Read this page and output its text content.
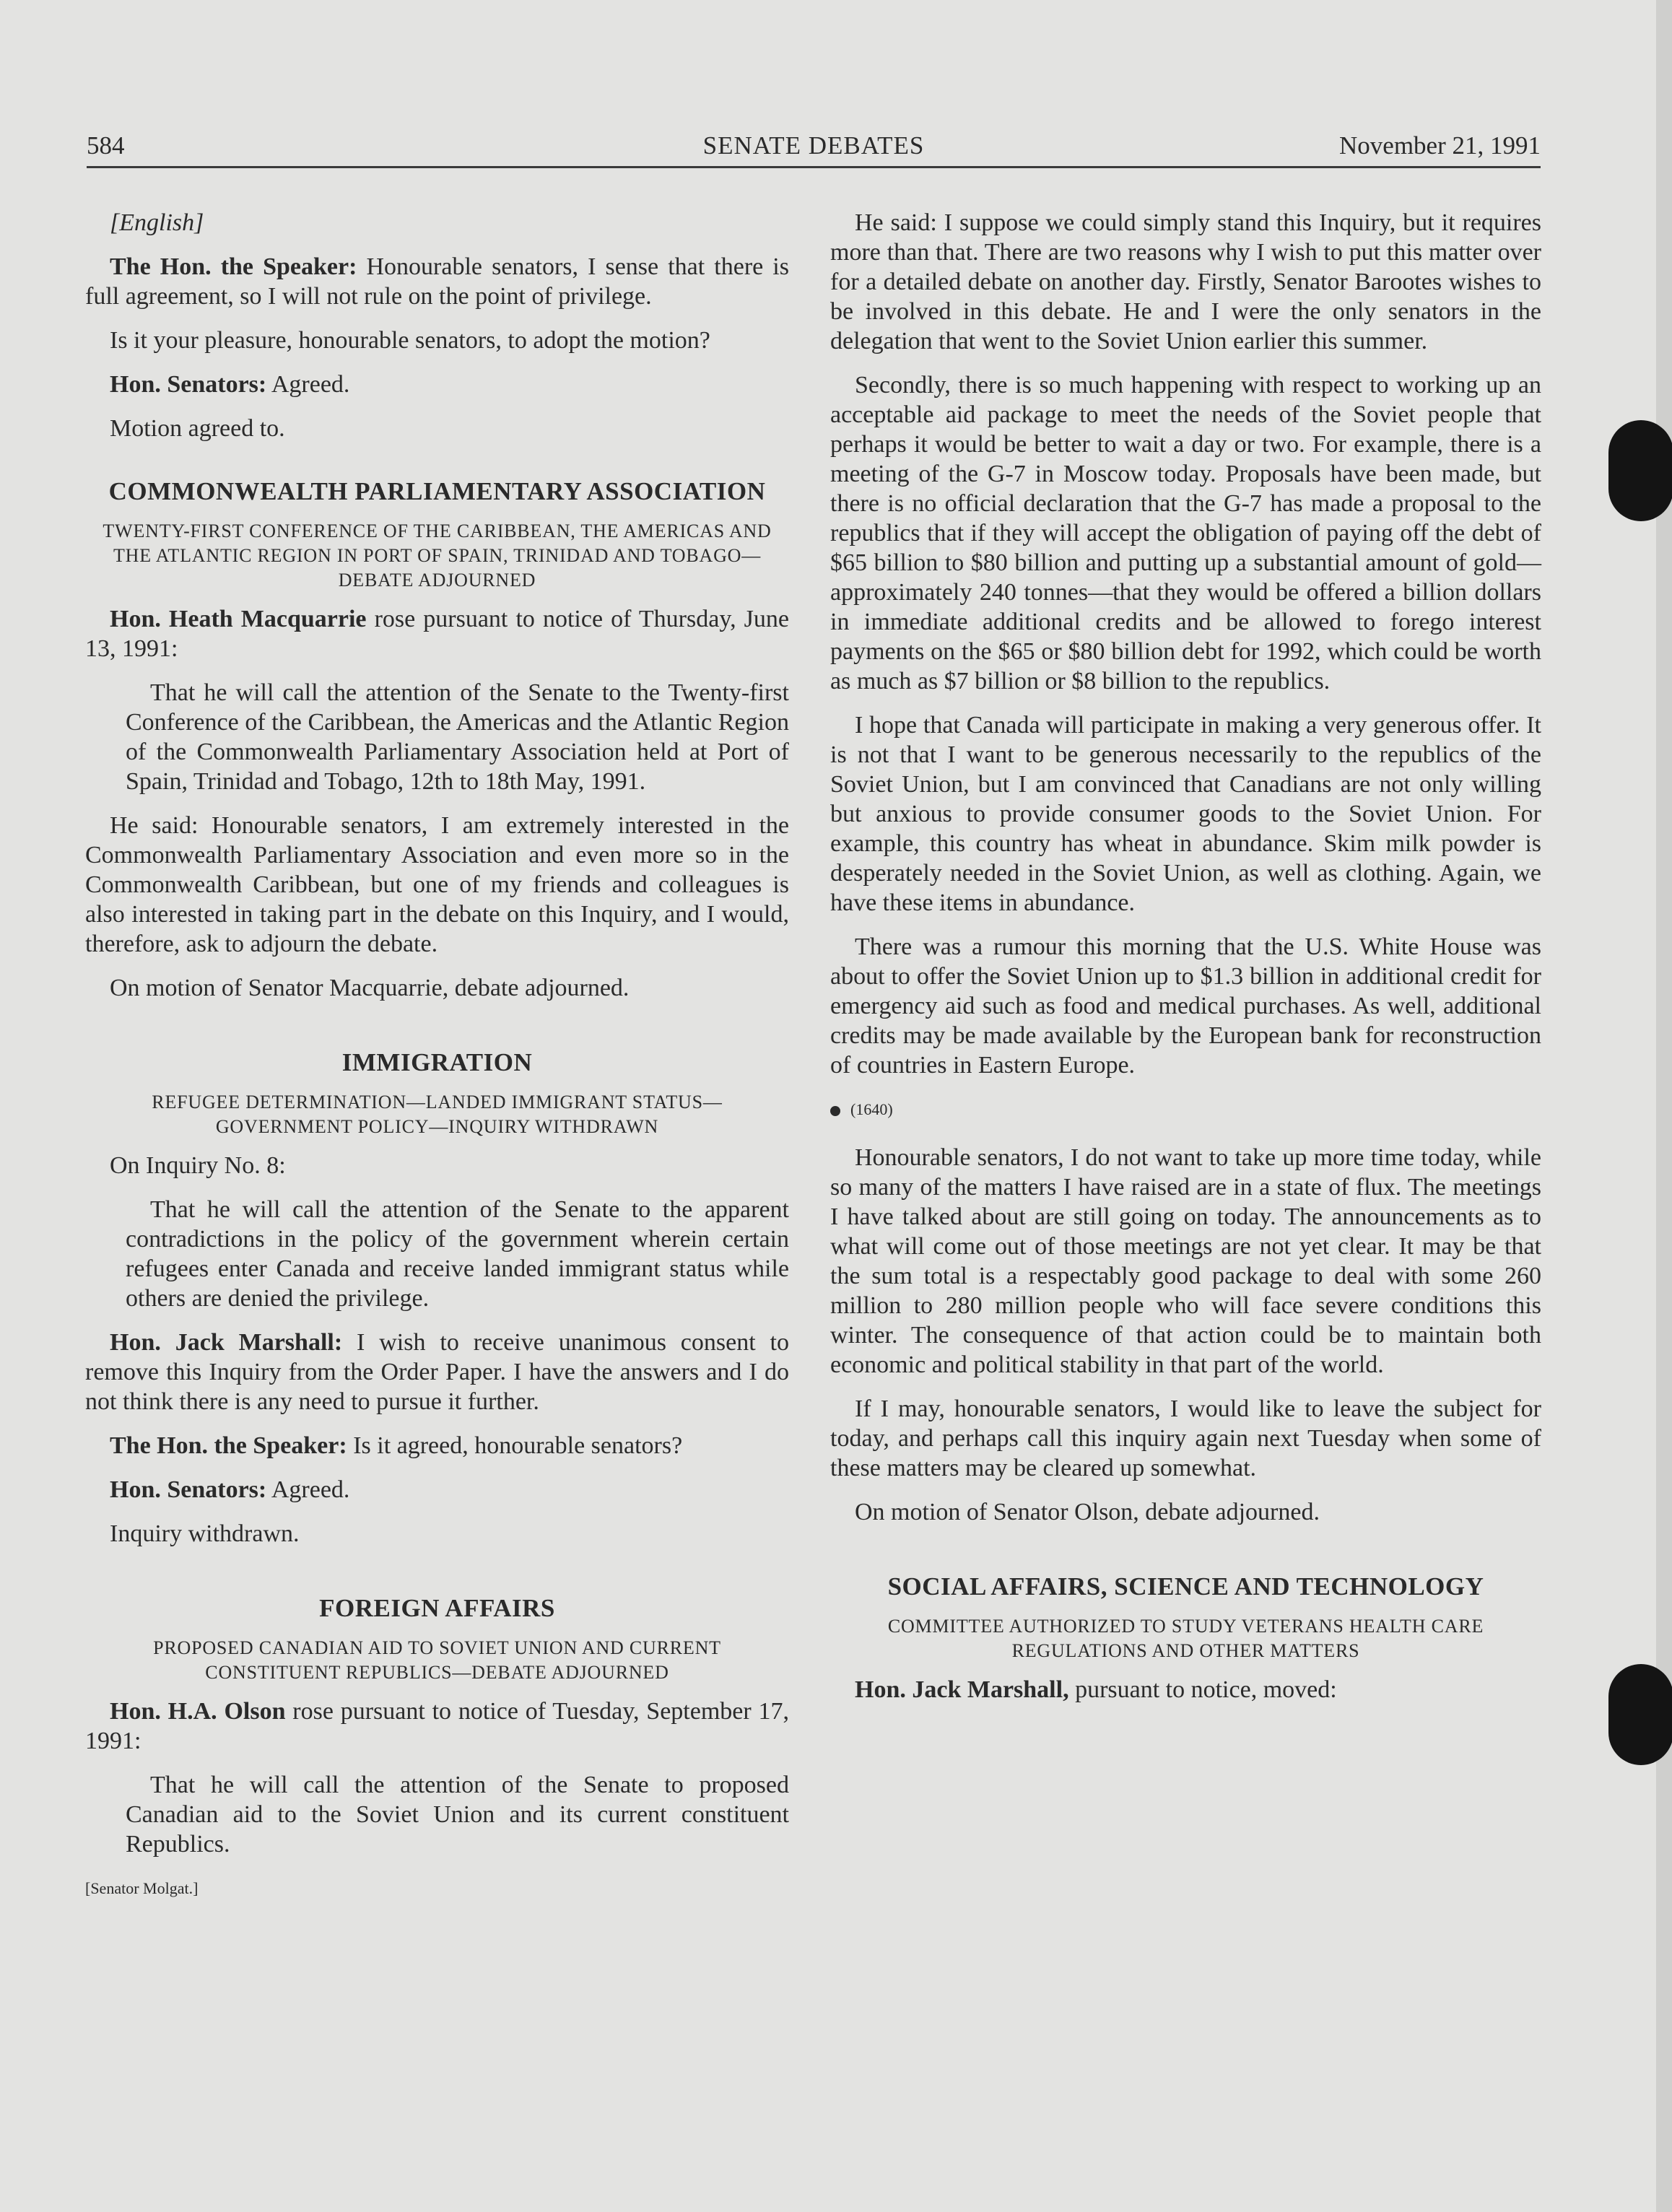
584	SENATE DEBATES	November 21, 1991

[English]

The Hon. the Speaker: Honourable senators, I sense that there is full agreement, so I will not rule on the point of privilege.

Is it your pleasure, honourable senators, to adopt the motion?

Hon. Senators: Agreed.

Motion agreed to.

COMMONWEALTH PARLIAMENTARY ASSOCIATION
TWENTY-FIRST CONFERENCE OF THE CARIBBEAN, THE AMERICAS AND THE ATLANTIC REGION IN PORT OF SPAIN, TRINIDAD AND TOBAGO—DEBATE ADJOURNED

Hon. Heath Macquarrie rose pursuant to notice of Thursday, June 13, 1991:

That he will call the attention of the Senate to the Twenty-first Conference of the Caribbean, the Americas and the Atlantic Region of the Commonwealth Parliamentary Association held at Port of Spain, Trinidad and Tobago, 12th to 18th May, 1991.

He said: Honourable senators, I am extremely interested in the Commonwealth Parliamentary Association and even more so in the Commonwealth Caribbean, but one of my friends and colleagues is also interested in taking part in the debate on this Inquiry, and I would, therefore, ask to adjourn the debate.

On motion of Senator Macquarrie, debate adjourned.

IMMIGRATION
REFUGEE DETERMINATION—LANDED IMMIGRANT STATUS—GOVERNMENT POLICY—INQUIRY WITHDRAWN

On Inquiry No. 8:

That he will call the attention of the Senate to the apparent contradictions in the policy of the government wherein certain refugees enter Canada and receive landed immigrant status while others are denied the privilege.

Hon. Jack Marshall: I wish to receive unanimous consent to remove this Inquiry from the Order Paper. I have the answers and I do not think there is any need to pursue it further.

The Hon. the Speaker: Is it agreed, honourable senators?

Hon. Senators: Agreed.

Inquiry withdrawn.

FOREIGN AFFAIRS
PROPOSED CANADIAN AID TO SOVIET UNION AND CURRENT CONSTITUENT REPUBLICS—DEBATE ADJOURNED

Hon. H.A. Olson rose pursuant to notice of Tuesday, September 17, 1991:

That he will call the attention of the Senate to proposed Canadian aid to the Soviet Union and its current constituent Republics.

[Senator Molgat.]

He said: I suppose we could simply stand this Inquiry, but it requires more than that. There are two reasons why I wish to put this matter over for a detailed debate on another day. Firstly, Senator Barootes wishes to be involved in this debate. He and I were the only senators in the delegation that went to the Soviet Union earlier this summer.

Secondly, there is so much happening with respect to working up an acceptable aid package to meet the needs of the Soviet people that perhaps it would be better to wait a day or two. For example, there is a meeting of the G-7 in Moscow today. Proposals have been made, but there is no official declaration that the G-7 has made a proposal to the republics that if they will accept the obligation of paying off the debt of $65 billion to $80 billion and putting up a substantial amount of gold—approximately 240 tonnes—that they would be offered a billion dollars in immediate additional credits and be allowed to forego interest payments on the $65 or $80 billion debt for 1992, which could be worth as much as $7 billion or $8 billion to the republics.

I hope that Canada will participate in making a very generous offer. It is not that I want to be generous necessarily to the republics of the Soviet Union, but I am convinced that Canadians are not only willing but anxious to provide consumer goods to the Soviet Union. For example, this country has wheat in abundance. Skim milk powder is desperately needed in the Soviet Union, as well as clothing. Again, we have these items in abundance.

There was a rumour this morning that the U.S. White House was about to offer the Soviet Union up to $1.3 billion in additional credit for emergency aid such as food and medical purchases. As well, additional credits may be made available by the European bank for reconstruction of countries in Eastern Europe.

(1640)

Honourable senators, I do not want to take up more time today, while so many of the matters I have raised are in a state of flux. The meetings I have talked about are still going on today. The announcements as to what will come out of those meetings are not yet clear. It may be that the sum total is a respectably good package to deal with some 260 million to 280 million people who will face severe conditions this winter. The consequence of that action could be to maintain both economic and political stability in that part of the world.

If I may, honourable senators, I would like to leave the subject for today, and perhaps call this inquiry again next Tuesday when some of these matters may be cleared up somewhat.

On motion of Senator Olson, debate adjourned.

SOCIAL AFFAIRS, SCIENCE AND TECHNOLOGY
COMMITTEE AUTHORIZED TO STUDY VETERANS HEALTH CARE REGULATIONS AND OTHER MATTERS

Hon. Jack Marshall, pursuant to notice, moved:
